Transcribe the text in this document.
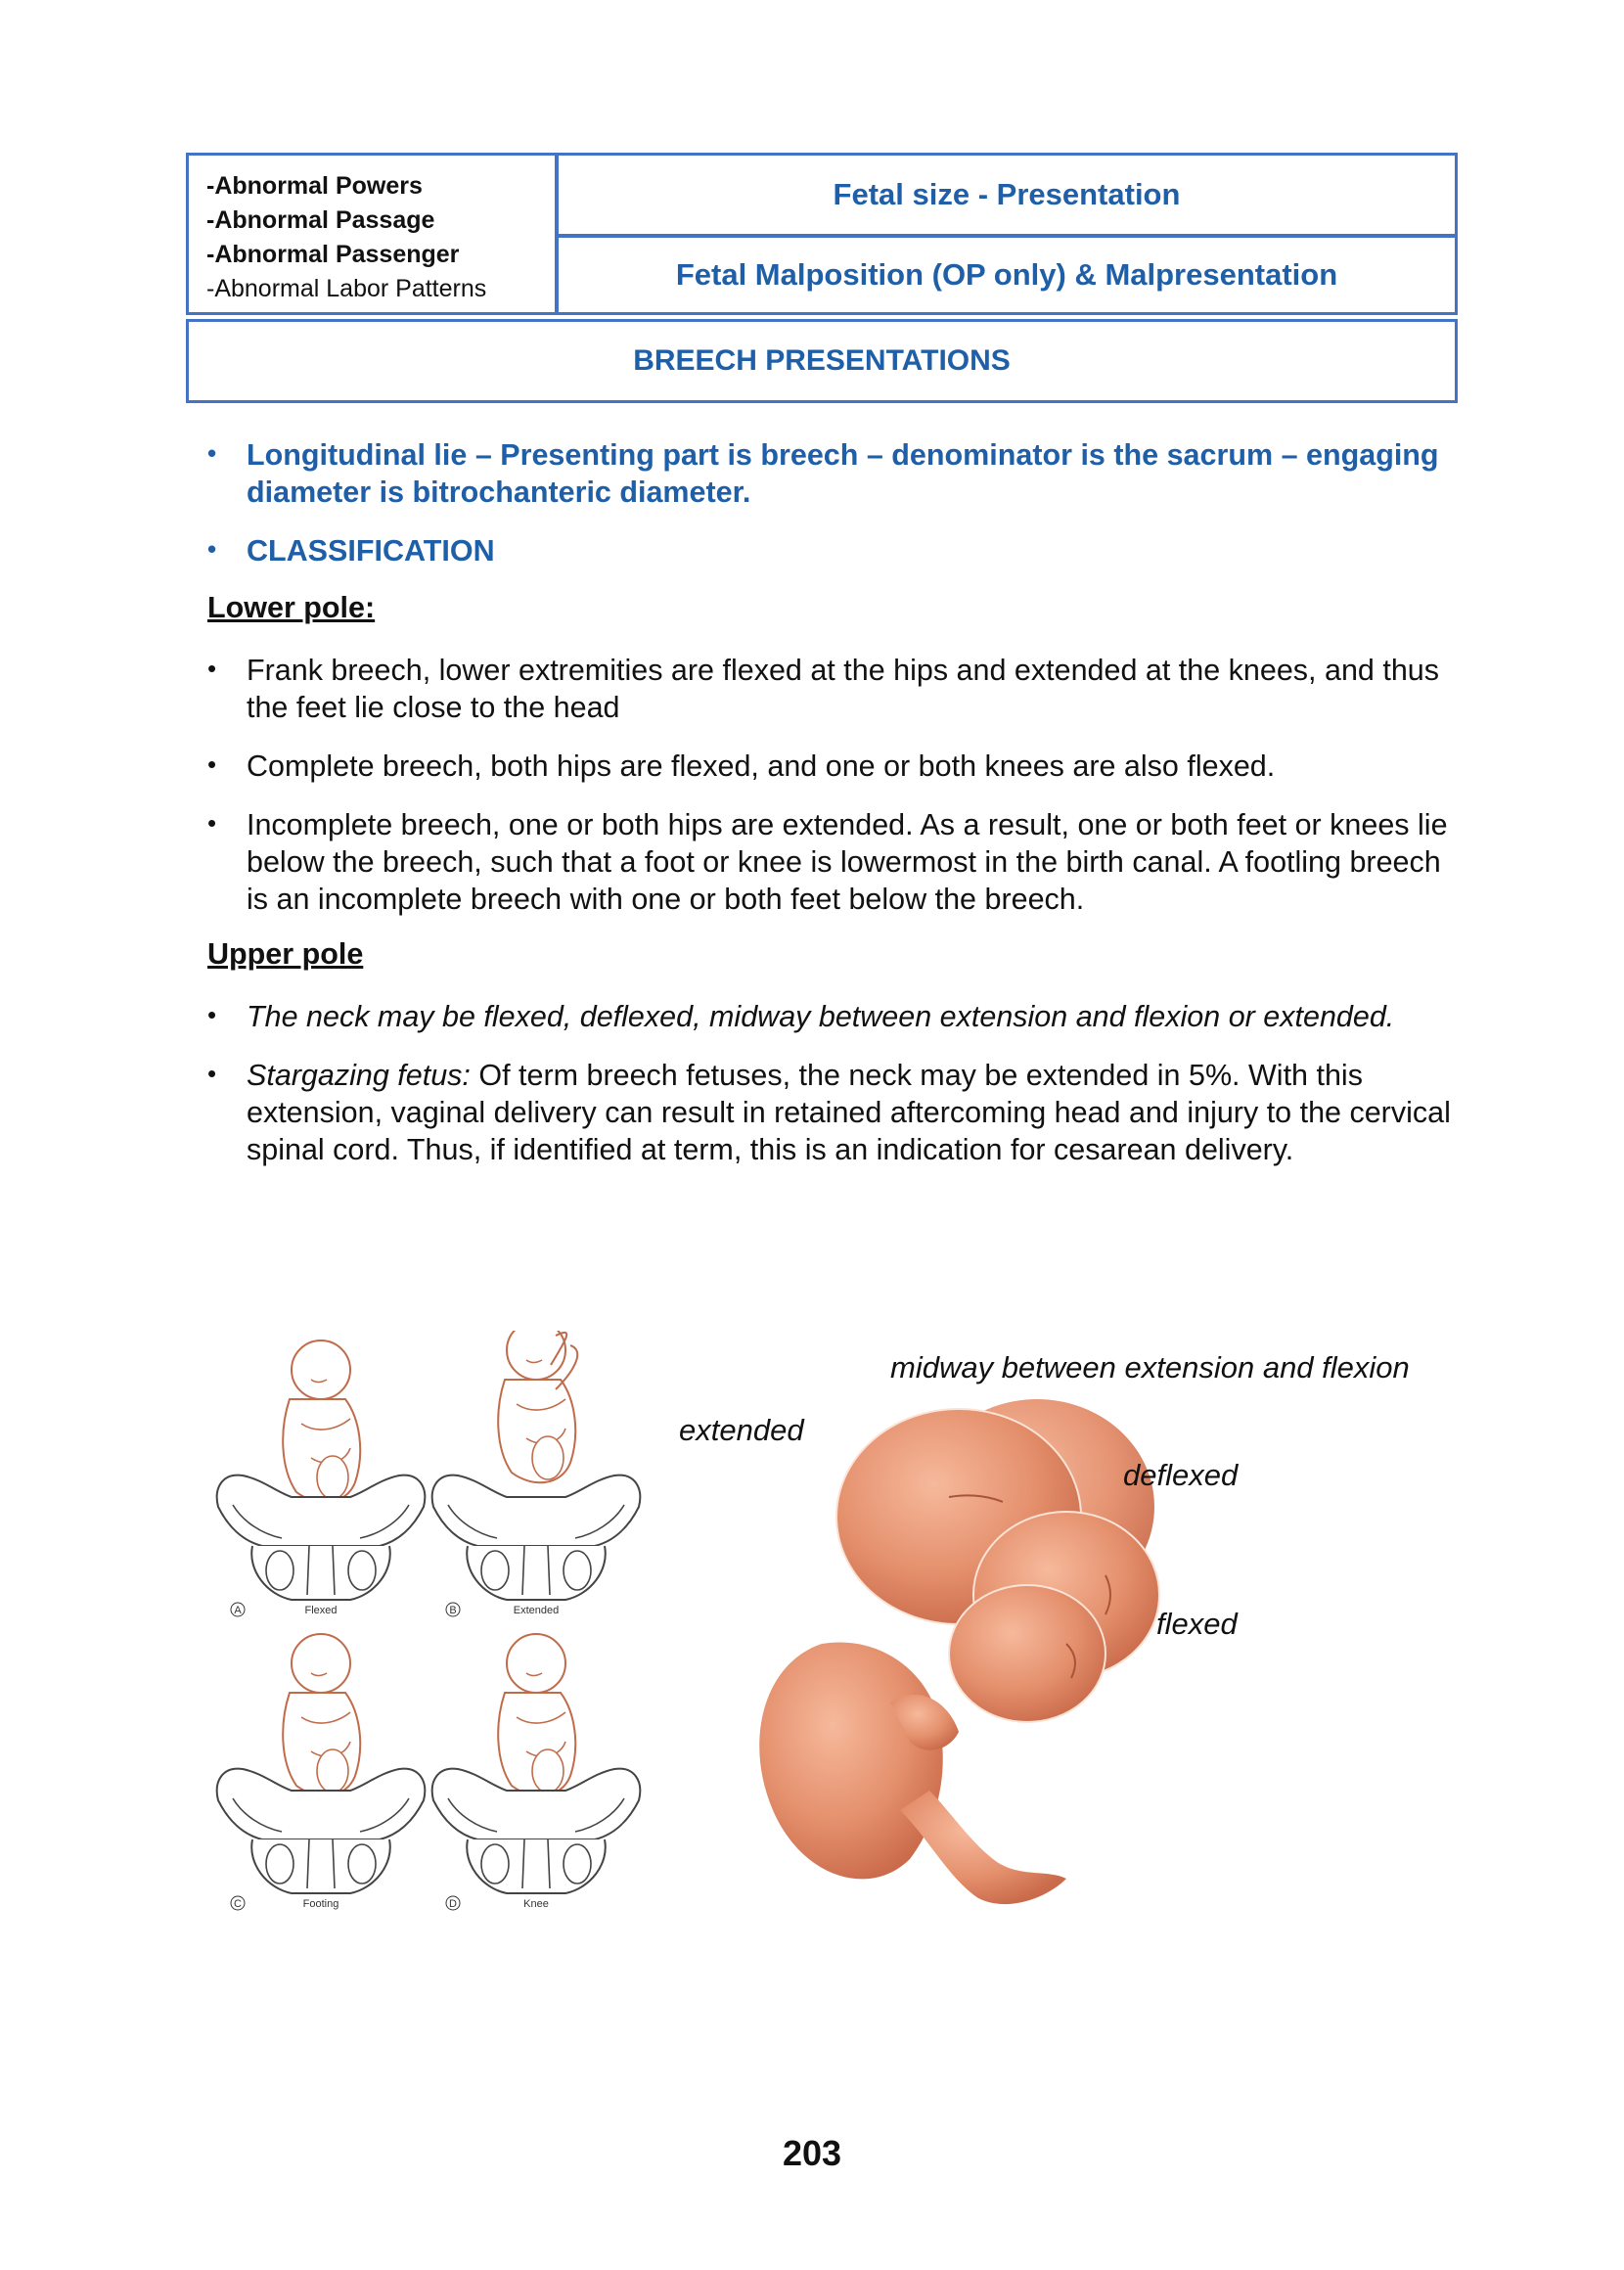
-Abnormal Powers
-Abnormal Passage
-Abnormal Passenger
-Abnormal Labor Patterns
Fetal size - Presentation
Fetal Malposition (OP only) & Malpresentation
BREECH PRESENTATIONS
• Longitudinal lie – Presenting part is breech – denominator is the sacrum – engaging diameter is bitrochanteric diameter.
• CLASSIFICATION
Lower pole:
• Frank breech, lower extremities are flexed at the hips and extended at the knees, and thus the feet lie close to the head
• Complete breech, both hips are flexed, and one or both knees are also flexed.
• Incomplete breech, one or both hips are extended. As a result, one or both feet or knees lie below the breech, such that a foot or knee is lowermost in the birth canal. A footling breech is an incomplete breech with one or both feet below the breech.
Upper pole
• The neck may be flexed, deflexed, midway between extension and flexion or extended.
• Stargazing fetus: Of term breech fetuses, the neck may be extended in 5%. With this extension, vaginal delivery can result in retained aftercoming head and injury to the cervical spinal cord. Thus, if identified at term, this is an indication for cesarean delivery.
A	Flexed	B	Extended
C	Footing	D	Knee
midway between extension and flexion
extended
deflexed
flexed
203
